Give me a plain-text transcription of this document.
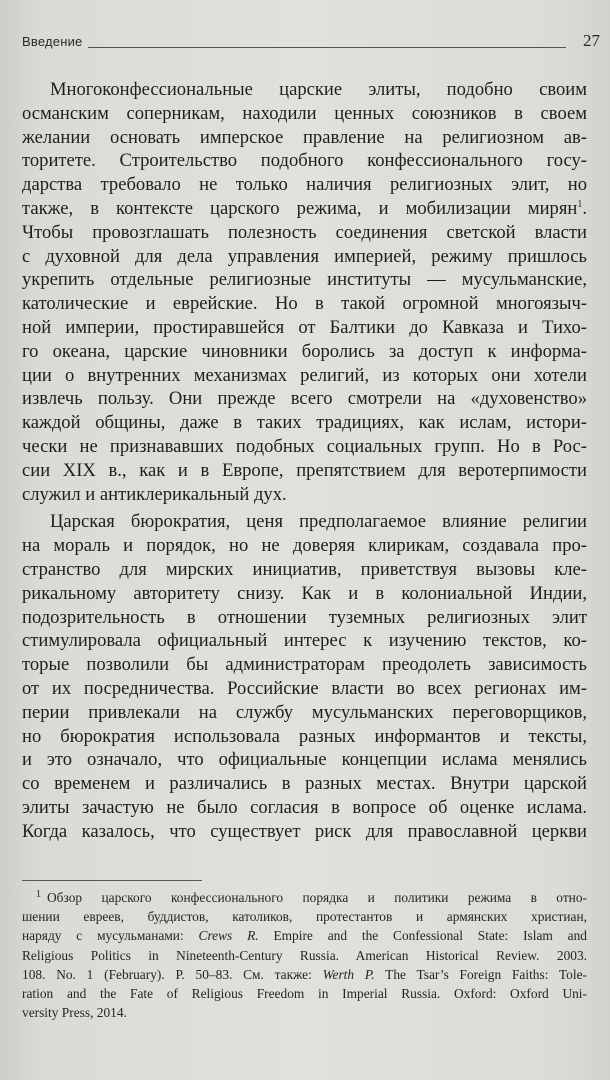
Введение	27

Многоконфессиональные царские элиты, подобно своим
османским соперникам, находили ценных союзников в своем
желании основать имперское правление на религиозном ав-
торитете. Строительство подобного конфессионального госу-
дарства требовало не только наличия религиозных элит, но
также, в контексте царского режима, и мобилизации мирян$^1$.
Чтобы провозглашать полезность соединения светской власти
с духовной для дела управления империей, режиму пришлось
укрепить отдельные религиозные институты — мусульманские,
католические и еврейские. Но в такой огромной многоязыч-
ной империи, простиравшейся от Балтики до Кавказа и Тихо-
го океана, царские чиновники боролись за доступ к информа-
ции о внутренних механизмах религий, из которых они хотели
извлечь пользу. Они прежде всего смотрели на «духовенство»
каждой общины, даже в таких традициях, как ислам, истори-
чески не признававших подобных социальных групп. Но в Рос-
сии XIX в., как и в Европе, препятствием для веротерпимости
служил и антиклерикальный дух.

Царская бюрократия, ценя предполагаемое влияние религии
на мораль и порядок, но не доверяя клирикам, создавала про-
странство для мирских инициатив, приветствуя вызовы кле-
рикальному авторитету снизу. Как и в колониальной Индии,
подозрительность в отношении туземных религиозных элит
стимулировала официальный интерес к изучению текстов, ко-
торые позволили бы администраторам преодолеть зависимость
от их посредничества. Российские власти во всех регионах им-
перии привлекали на службу мусульманских переговорщиков,
но бюрократия использовала разных информантов и тексты,
и это означало, что официальные концепции ислама менялись
со временем и различались в разных местах. Внутри царской
элиты зачастую не было согласия в вопросе об оценке ислама.
Когда казалось, что существует риск для православной церкви

$^1$ Обзор царского конфессионального порядка и политики режима в отно-
шении евреев, буддистов, католиков, протестантов и армянских христиан,
наряду с мусульманами: Crews R. Empire and the Confessional State: Islam and
Religious Politics in Nineteenth-Century Russia. American Historical Review. 2003.
108. No. 1 (February). P. 50–83. См. также: Werth P. The Tsar’s Foreign Faiths: Tole-
ration and the Fate of Religious Freedom in Imperial Russia. Oxford: Oxford Uni-
versity Press, 2014.
